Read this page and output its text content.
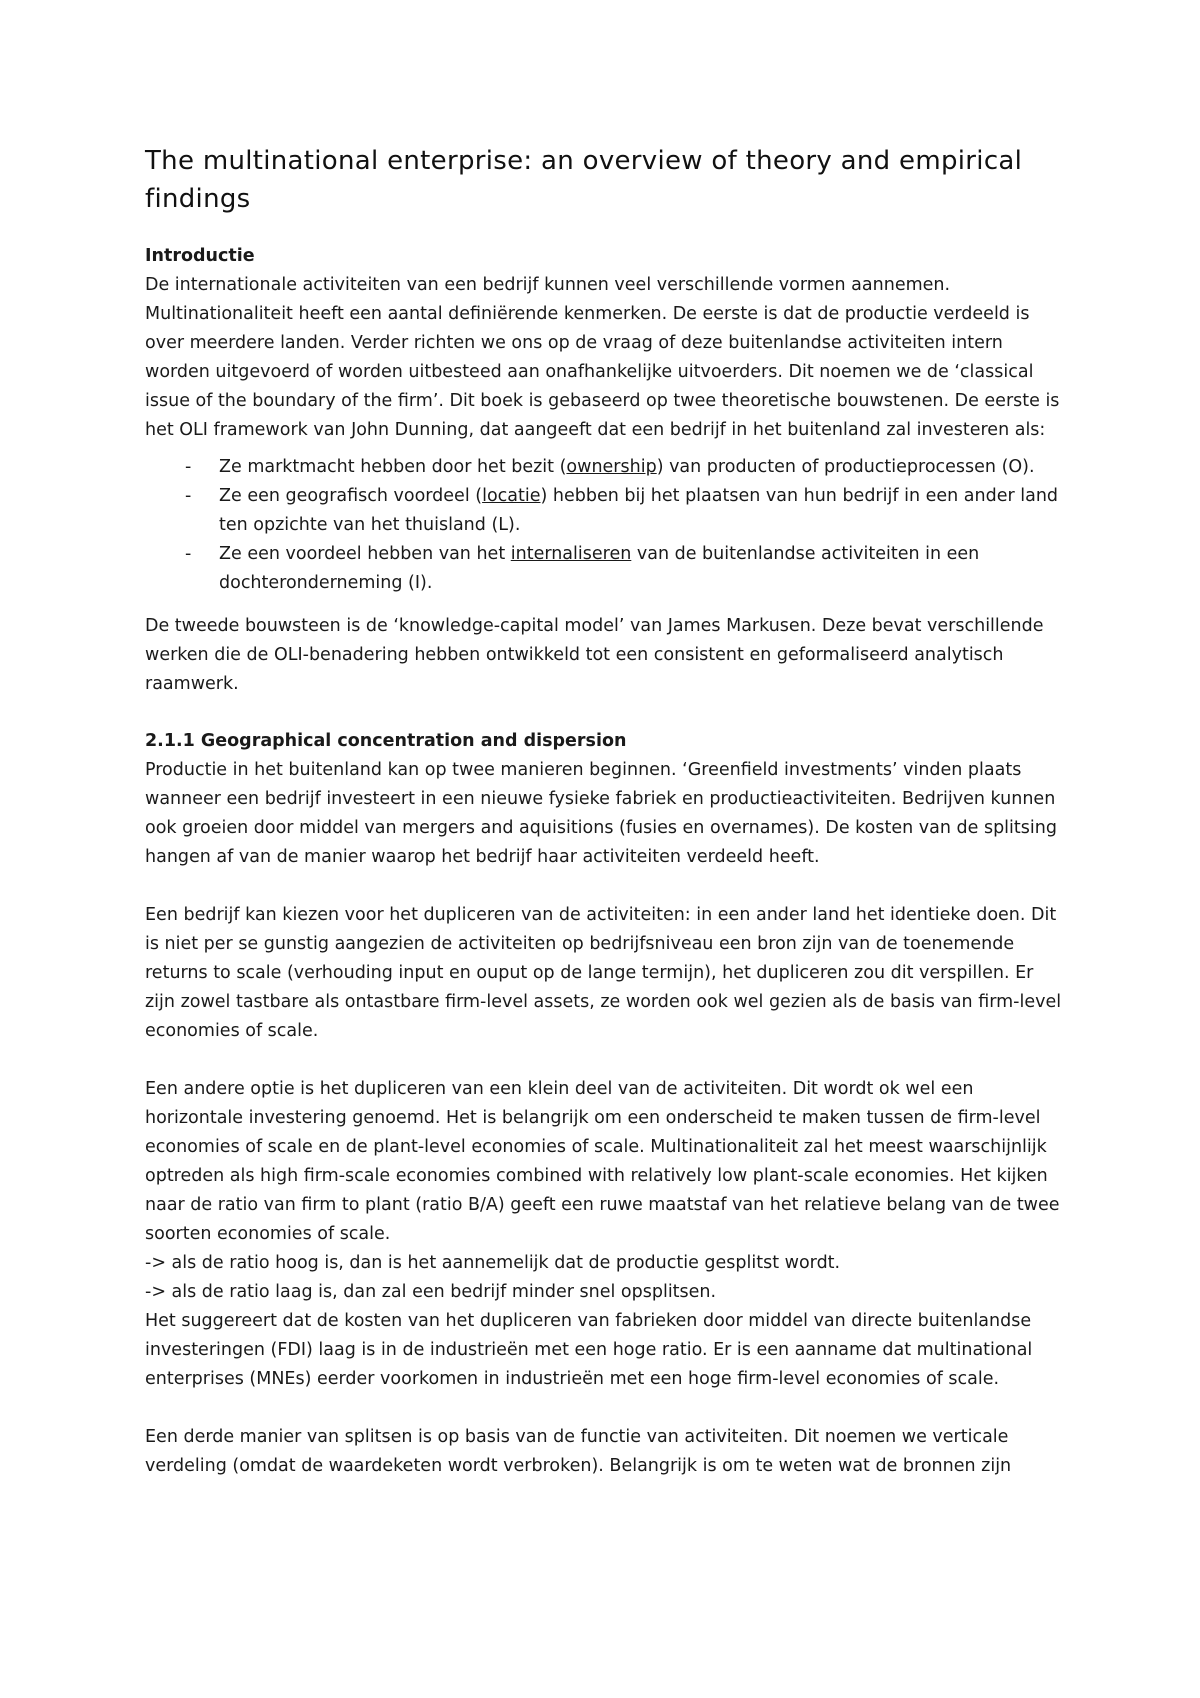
The multinational enterprise: an overview of theory and empirical findings

Introductie

De internationale activiteiten van een bedrijf kunnen veel verschillende vormen aannemen. Multinationaliteit heeft een aantal definiërende kenmerken. De eerste is dat de productie verdeeld is over meerdere landen. Verder richten we ons op de vraag of deze buitenlandse activiteiten intern worden uitgevoerd of worden uitbesteed aan onafhankelijke uitvoerders. Dit noemen we de ‘classical issue of the boundary of the firm’. Dit boek is gebaseerd op twee theoretische bouwstenen. De eerste is het OLI framework van John Dunning, dat aangeeft dat een bedrijf in het buitenland zal investeren als:

- Ze marktmacht hebben door het bezit (ownership) van producten of productieprocessen (O).
- Ze een geografisch voordeel (locatie) hebben bij het plaatsen van hun bedrijf in een ander land ten opzichte van het thuisland (L).
- Ze een voordeel hebben van het internaliseren van de buitenlandse activiteiten in een dochteronderneming (I).

De tweede bouwsteen is de ‘knowledge-capital model’ van James Markusen. Deze bevat verschillende werken die de OLI-benadering hebben ontwikkeld tot een consistent en geformaliseerd analytisch raamwerk.

2.1.1 Geographical concentration and dispersion

Productie in het buitenland kan op twee manieren beginnen. ‘Greenfield investments’ vinden plaats wanneer een bedrijf investeert in een nieuwe fysieke fabriek en productieactiviteiten. Bedrijven kunnen ook groeien door middel van mergers and aquisitions (fusies en overnames). De kosten van de splitsing hangen af van de manier waarop het bedrijf haar activiteiten verdeeld heeft.

Een bedrijf kan kiezen voor het dupliceren van de activiteiten: in een ander land het identieke doen. Dit is niet per se gunstig aangezien de activiteiten op bedrijfsniveau een bron zijn van de toenemende returns to scale (verhouding input en ouput op de lange termijn), het dupliceren zou dit verspillen. Er zijn zowel tastbare als ontastbare firm-level assets, ze worden ook wel gezien als de basis van firm-level economies of scale.

Een andere optie is het dupliceren van een klein deel van de activiteiten. Dit wordt ok wel een horizontale investering genoemd. Het is belangrijk om een onderscheid te maken tussen de firm-level economies of scale en de plant-level economies of scale. Multinationaliteit zal het meest waarschijnlijk optreden als high firm-scale economies combined with relatively low plant-scale economies. Het kijken naar de ratio van firm to plant (ratio B/A) geeft een ruwe maatstaf van het relatieve belang van de twee soorten economies of scale.

-> als de ratio hoog is, dan is het aannemelijk dat de productie gesplitst wordt.

-> als de ratio laag is, dan zal een bedrijf minder snel opsplitsen.

Het suggereert dat de kosten van het dupliceren van fabrieken door middel van directe buitenlandse investeringen (FDI) laag is in de industrieën met een hoge ratio. Er is een aanname dat multinational enterprises (MNEs) eerder voorkomen in industrieën met een hoge firm-level economies of scale.

Een derde manier van splitsen is op basis van de functie van activiteiten. Dit noemen we verticale verdeling (omdat de waardeketen wordt verbroken). Belangrijk is om te weten wat de bronnen zijn
